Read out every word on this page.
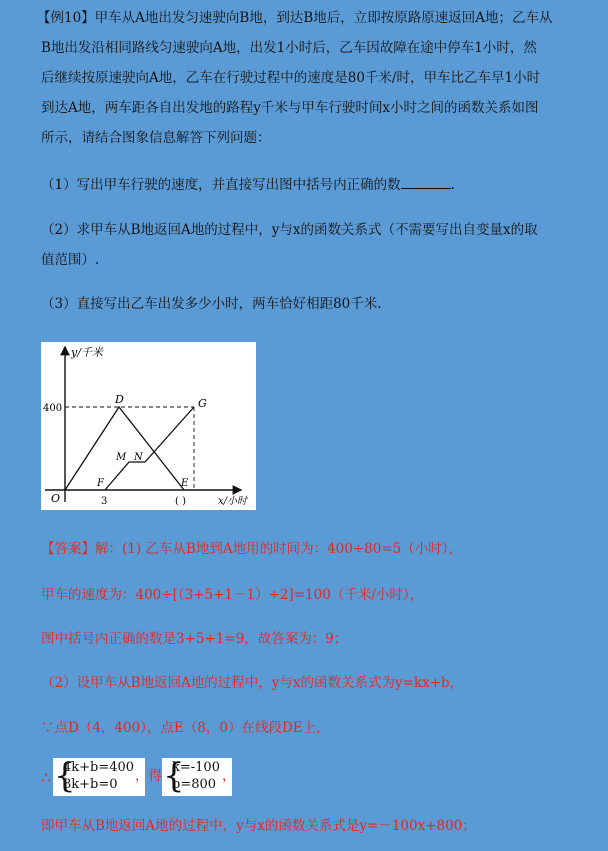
【例10】甲车从A地出发匀速驶向B地，到达B地后，立即按原路原速返回A地；乙车从
B地出发沿相同路线匀速驶向A地，出发1小时后，乙车因故障在途中停车1小时，然
后继续按原速驶向A地，乙车在行驶过程中的速度是80千米/时，甲车比乙车早1小时
到达A地，两车距各自出发地的路程y千米与甲车行驶时间x小时之间的函数关系如图
所示，请结合图象信息解答下列问题：
（1）写出甲车行驶的速度，并直接写出图中括号内正确的数	.
（2）求甲车从B地返回A地的过程中，y与x的函数关系式（不需要写出自变量x的取
值范围）.
（3）直接写出乙车出发多少小时，两车恰好相距80千米.
y/千米
400
O	3	( )	x/小时
D	G
M N
F	E
【答案】解：(1) 乙车从B地到A地用的时间为：400÷80=5（小时），
甲车的速度为：400÷[（3+5+1－1）÷2]=100（千米/小时），
图中括号内正确的数是3+5+1=9，故答案为：9；
（2）设甲车从B地返回A地的过程中，y与x的函数关系式为y=kx+b，
∵点D（4，400），点E（8，0）在线段DE上，
∴ {
4k+b=400
8k+b=0
，得 {
k=-100
b=800
，
即甲车从B地返回A地的过程中，y与x的函数关系式是y=－100x+800；
